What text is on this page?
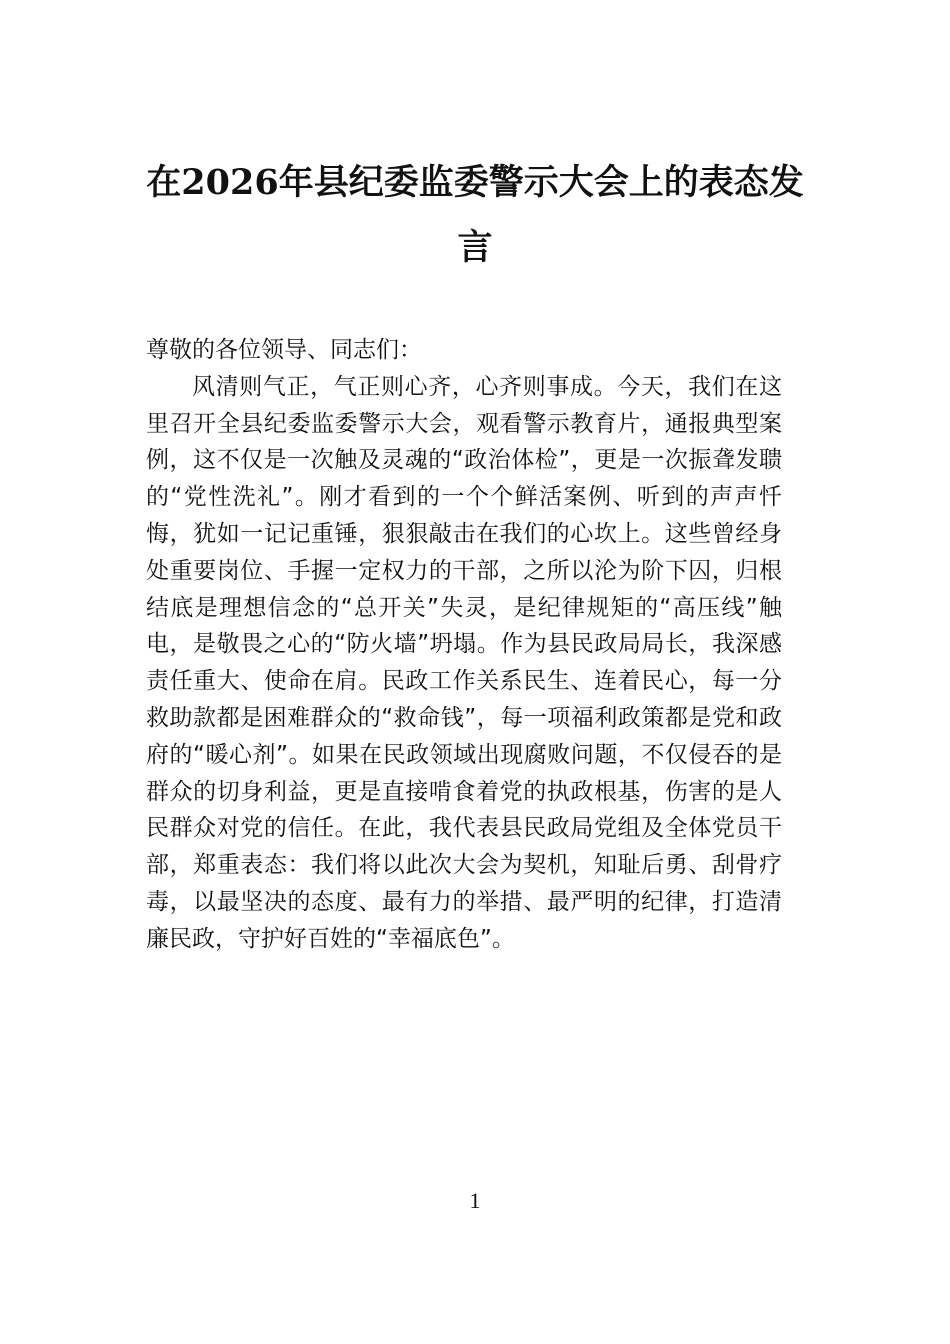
在2026年县纪委监委警示大会上的表态发言

尊敬的各位领导、同志们：

风清则气正，气正则心齐，心齐则事成。今天，我们在这里召开全县纪委监委警示大会，观看警示教育片，通报典型案例，这不仅是一次触及灵魂的“政治体检”，更是一次振聋发聩的“党性洗礼”。刚才看到的一个个鲜活案例、听到的声声忏悔，犹如一记记重锤，狠狠敲击在我们的心坎上。这些曾经身处重要岗位、手握一定权力的干部，之所以沦为阶下囚，归根结底是理想信念的“总开关”失灵，是纪律规矩的“高压线”触电，是敬畏之心的“防火墙”坍塌。作为县民政局局长，我深感责任重大、使命在肩。民政工作关系民生、连着民心，每一分救助款都是困难群众的“救命钱”，每一项福利政策都是党和政府的“暖心剂”。如果在民政领域出现腐败问题，不仅侵吞的是群众的切身利益，更是直接啃食着党的执政根基，伤害的是人民群众对党的信任。在此，我代表县民政局党组及全体党员干部，郑重表态：我们将以此次大会为契机，知耻后勇、刮骨疗毒，以最坚决的态度、最有力的举措、最严明的纪律，打造清廉民政，守护好百姓的“幸福底色”。

1
